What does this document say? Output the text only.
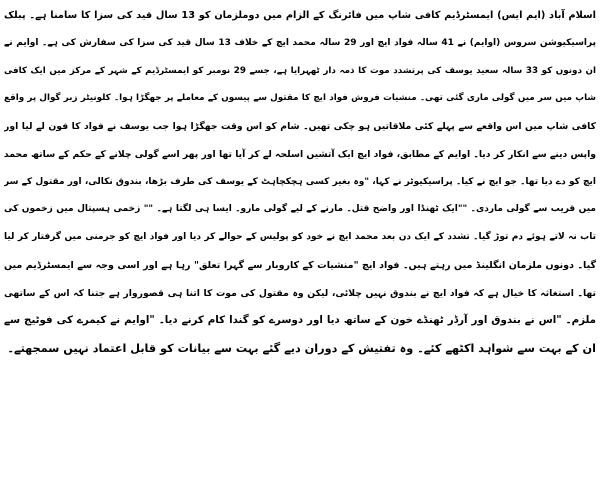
اسلام آباد (ایم ایس) ایمسٹرڈیم کافی شاپ میں فائرنگ کے الزام میں دوملزمان کو 13 سال قید کی سزا کا سامنا ہے۔ پبلک
پراسیکیوشن سروس (اوایم) نے 41 سالہ فواد ایچ اور 29 سالہ محمد ایچ کے خلاف 13 سال قید کی سزا کی سفارش کی ہے۔ اوایم نے
ان دونوں کو 33 سالہ سعید یوسف کی پرتشدد موت کا ذمہ دار ٹھہرایا ہے، جسے 29 نومبر کو ایمسٹرڈیم کے شہر کے مرکز میں ایک کافی
شاپ میں سر میں گولی ماری گئی تھی۔ منشیات فروش فواد ایچ کا مقتول سے پیسوں کے معاملے پر جھگڑا ہوا۔ کلونیٹر زبر گوال پر واقع
کافی شاپ میں اس واقعے سے پہلے کئی ملاقاتیں ہو چکی تھیں۔ شام کو اس وقت جھگڑا ہوا جب یوسف نے فواد کا فون لے لیا اور
واپس دینے سے انکار کر دیا۔ اوایم کے مطابق، فواد ایچ ایک آتشیں اسلحہ لے کر آیا تھا اور پھر اسے گولی چلانے کے حکم کے ساتھ محمد
ایچ کو دے دیا تھا۔ جو ایچ نے کیا۔ پراسیکیوٹر نے کہا، "وہ بغیر کسی ہچکچاہٹ کے یوسف کی طرف بڑھا، بندوق نکالی، اور مقتول کے سر
میں قریب سے گولی ماردی۔ ""ایک ٹھنڈا اور واضح قتل۔ مارنے کے لیے گولی مارو۔ ایسا ہی لگتا ہے۔ "" زخمی ہسپتال میں زخموں کی
تاب نہ لاتے ہوئے دم توڑ گیا۔ تشدد کے ایک دن بعد محمد ایچ نے خود کو پولیس کے حوالے کر دیا اور فواد ایچ کو جرمنی میں گرفتار کر لیا
گیا۔ دونوں ملزمان انگلینڈ میں رہتے ہیں۔ فواد ایچ "منشیات کے کاروبار سے گہرا تعلق" رہا ہے اور اسی وجہ سے ایمسٹرڈیم میں
تھا۔ استغاثہ کا خیال ہے کہ فواد ایچ نے بندوق نہیں چلائی، لیکن وہ مقتول کی موت کا اتنا ہی قصوروار ہے جتنا کہ اس کے ساتھی
ملزم۔ "اس نے بندوق اور آرڈر ٹھنڈے خون کے ساتھ دیا اور دوسرے کو گندا کام کرنے دیا۔ "اوایم نے کیمرے کی فوٹیج سے
ان کے بہت سے شواہد اکٹھے کئے۔ وہ تفتیش کے دوران دیے گئے بہت سے بیانات کو قابل اعتماد نہیں سمجھتے۔
